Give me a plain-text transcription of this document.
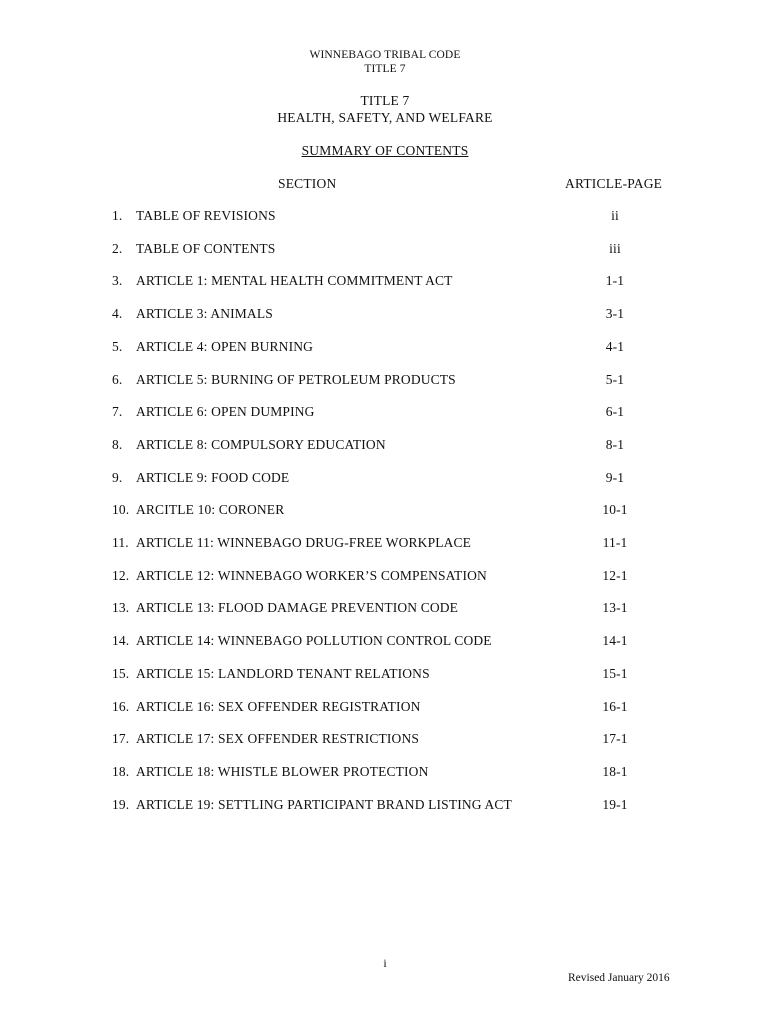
WINNEBAGO TRIBAL CODE
TITLE 7
TITLE 7
HEALTH, SAFETY, AND WELFARE
SUMMARY OF CONTENTS
SECTION	ARTICLE-PAGE
1. TABLE OF REVISIONS	ii
2. TABLE OF CONTENTS	iii
3. ARTICLE 1: MENTAL HEALTH COMMITMENT ACT	1-1
4. ARTICLE 3: ANIMALS	3-1
5. ARTICLE 4: OPEN BURNING	4-1
6. ARTICLE 5: BURNING OF PETROLEUM PRODUCTS	5-1
7. ARTICLE 6: OPEN DUMPING	6-1
8. ARTICLE 8: COMPULSORY EDUCATION	8-1
9. ARTICLE 9: FOOD CODE	9-1
10. ARCITLE 10: CORONER	10-1
11. ARTICLE 11: WINNEBAGO DRUG-FREE WORKPLACE	11-1
12. ARTICLE 12: WINNEBAGO WORKER’S COMPENSATION	12-1
13. ARTICLE 13: FLOOD DAMAGE PREVENTION CODE	13-1
14. ARTICLE 14: WINNEBAGO POLLUTION CONTROL CODE	14-1
15. ARTICLE 15: LANDLORD TENANT RELATIONS	15-1
16. ARTICLE 16: SEX OFFENDER REGISTRATION	16-1
17. ARTICLE 17: SEX OFFENDER RESTRICTIONS	17-1
18. ARTICLE 18: WHISTLE BLOWER PROTECTION	18-1
19. ARTICLE 19: SETTLING PARTICIPANT BRAND LISTING ACT	19-1
i
Revised January 2016
